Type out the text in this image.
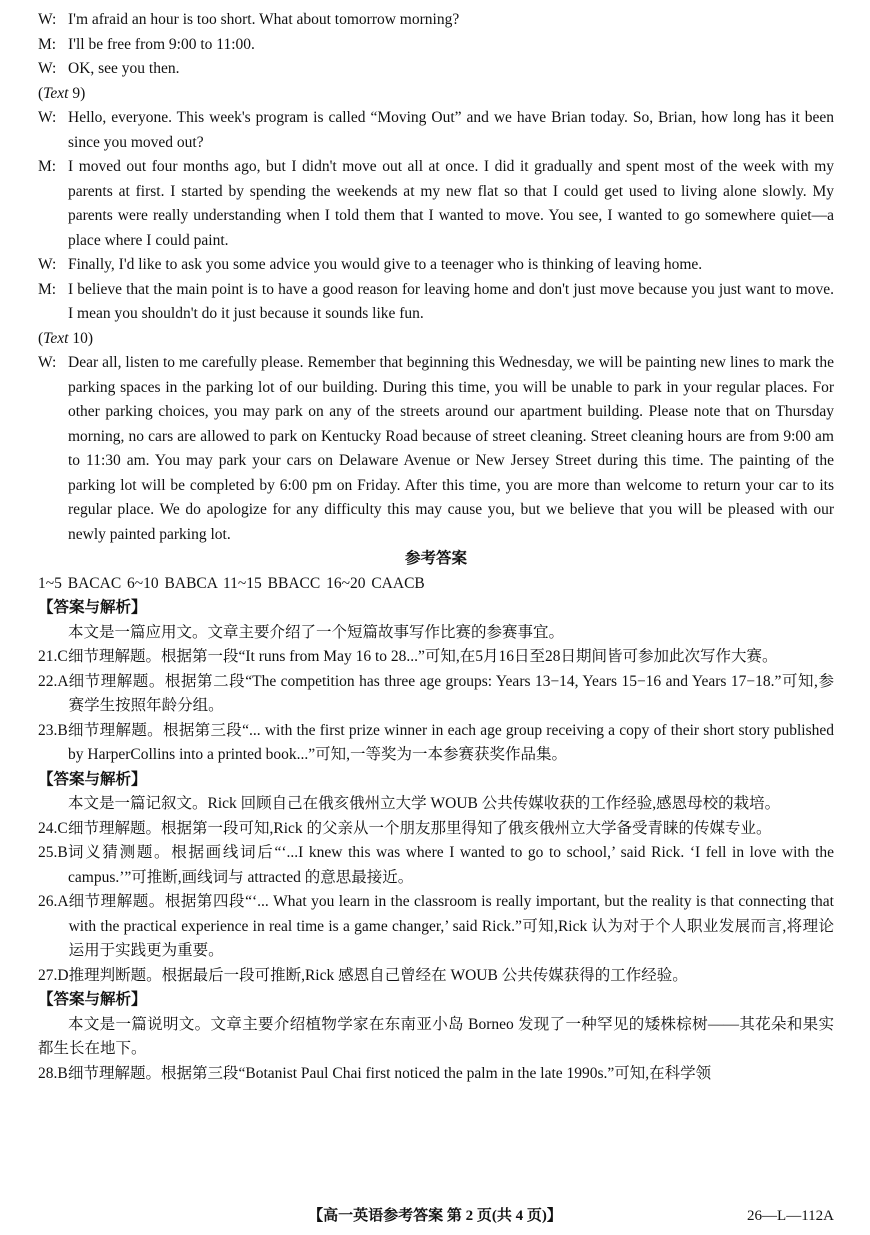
W: I'm afraid an hour is too short. What about tomorrow morning?
M: I'll be free from 9:00 to 11:00.
W: OK, see you then.
(Text 9)
W: Hello, everyone. This week's program is called “Moving Out” and we have Brian today. So, Brian, how long has it been since you moved out?
M: I moved out four months ago, but I didn't move out all at once. I did it gradually and spent most of the week with my parents at first. I started by spending the weekends at my new flat so that I could get used to living alone slowly. My parents were really understanding when I told them that I wanted to move. You see, I wanted to go somewhere quiet—a place where I could paint.
W: Finally, I'd like to ask you some advice you would give to a teenager who is thinking of leaving home.
M: I believe that the main point is to have a good reason for leaving home and don't just move because you just want to move. I mean you shouldn't do it just because it sounds like fun.
(Text 10)
W: Dear all, listen to me carefully please. Remember that beginning this Wednesday, we will be painting new lines to mark the parking spaces in the parking lot of our building. During this time, you will be unable to park in your regular places. For other parking choices, you may park on any of the streets around our apartment building. Please note that on Thursday morning, no cars are allowed to park on Kentucky Road because of street cleaning. Street cleaning hours are from 9:00 am to 11:30 am. You may park your cars on Delaware Avenue or New Jersey Street during this time. The painting of the parking lot will be completed by 6:00 pm on Friday. After this time, you are more than welcome to return your car to its regular place. We do apologize for any difficulty this may cause you, but we believe that you will be pleased with our newly painted parking lot.
参考答案
1~5 BACAC 6~10 BABCA 11~15 BBACC 16~20 CAACB
【答案与解析】
本文是一篇应用文。文章主要介绍了一个短篇故事写作比赛的参赛事宜。
21.C 细节理解题。根据第一段“It runs from May 16 to 28...”可知,在5月16日至28日期间皆可参加此次写作大赛。
22.A 细节理解题。根据第二段“The competition has three age groups: Years 13−14, Years 15−16 and Years 17−18.”可知,参赛学生按照年龄分组。
23.B 细节理解题。根据第三段“... with the first prize winner in each age group receiving a copy of their short story published by HarperCollins into a printed book...”可知,一等奖为一本参赛获奖作品集。
【答案与解析】
本文是一篇记叙文。Rick 回顾自己在俄亥俄州立大学 WOUB 公共传媒收获的工作经验,感恩母校的栽培。
24.C 细节理解题。根据第一段可知,Rick 的父亲从一个朋友那里得知了俄亥俄州立大学备受青睐的传媒专业。
25.B 词义猜测题。根据画线词后“‘...I knew this was where I wanted to go to school,’ said Rick. ‘I fell in love with the campus.’”可推断,画线词与 attracted 的意思最接近。
26.A 细节理解题。根据第四段“‘... What you learn in the classroom is really important, but the reality is that connecting that with the practical experience in real time is a game changer,’ said Rick.”可知,Rick 认为对于个人职业发展而言,将理论运用于实践更为重要。
27.D 推理判断题。根据最后一段可推断,Rick 感恩自己曾经在 WOUB 公共传媒获得的工作经验。
【答案与解析】
本文是一篇说明文。文章主要介绍植物学家在东南亚小岛 Borneo 发现了一种罕见的矮株棕树——其花朵和果实都生长在地下。
28.B 细节理解题。根据第三段“Botanist Paul Chai first noticed the palm in the late 1990s.”可知,在科学领
【高一英语参考答案 第 2 页(共 4 页)】	26—L—112A
